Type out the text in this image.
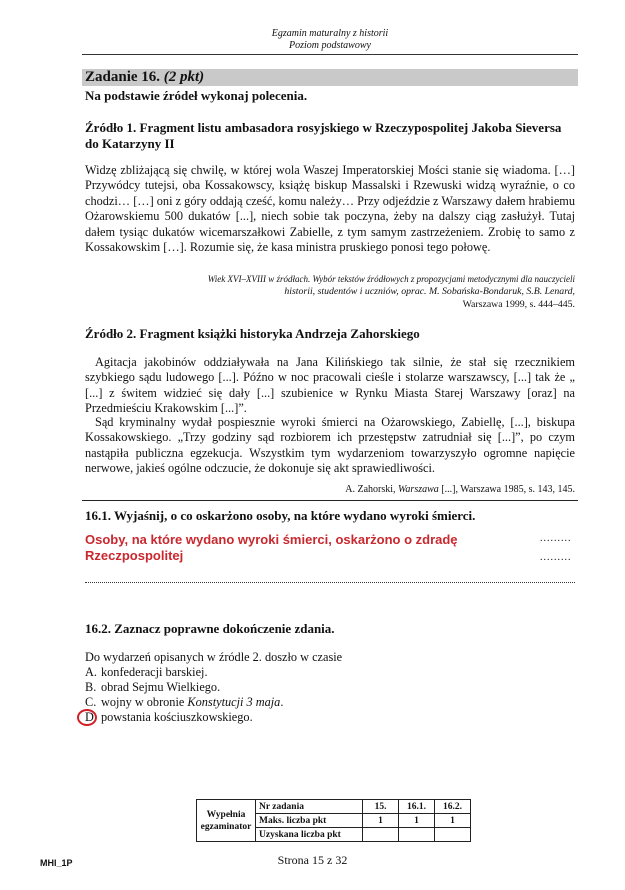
Egzamin maturalny z historii
Poziom podstawowy
Zadanie 16. (2 pkt)
Na podstawie źródeł wykonaj polecenia.
Źródło 1. Fragment listu ambasadora rosyjskiego w Rzeczypospolitej Jakoba Sieversa
do Katarzyny II
Widzę zbliżającą się chwilę, w której wola Waszej Imperatorskiej Mości stanie się wiadoma. […] Przywódcy tutejsi, oba Kossakowscy, książę biskup Massalski i Rzewuski widzą wyraźnie, o co chodzi… […] oni z góry oddają cześć, komu należy… Przy odjeździe z Warszawy dałem hrabiemu Ożarowskiemu 500 dukatów [...], niech sobie tak poczyna, żeby na dalszy ciąg zasłużył. Tutaj dałem tysiąc dukatów wicemarszałkowi Zabielle, z tym samym zastrzeżeniem. Zrobię to samo z Kossakowskim […]. Rozumie się, że kasa ministra pruskiego ponosi tego połowę.
Wiek XVI–XVIII w źródłach. Wybór tekstów źródłowych z propozycjami metodycznymi dla nauczycieli
historii, studentów i uczniów, oprac. M. Sobańska-Bondaruk, S.B. Lenard,
Warszawa 1999, s. 444–445.
Źródło 2. Fragment książki historyka Andrzeja Zahorskiego
Agitacja jakobinów oddziaływała na Jana Kilińskiego tak silnie, że stał się rzecznikiem szybkiego sądu ludowego [...]. Późno w noc pracowali cieśle i stolarze warszawscy, [...] tak że „ [...] z świtem widzieć się dały [...] szubienice w Rynku Miasta Starej Warszawy [oraz] na Przedmieściu Krakowskim [...]”.
Sąd kryminalny wydał pospiesznie wyroki śmierci na Ożarowskiego, Zabiellę, [...], biskupa Kossakowskiego. „Trzy godziny sąd rozbiorem ich przestępstw zatrudniał się [...]”, po czym nastąpiła publiczna egzekucja. Wszystkim tym wydarzeniom towarzyszyło ogromne napięcie nerwowe, jakieś ogólne odczucie, że dokonuje się akt sprawiedliwości.
A. Zahorski, Warszawa [...], Warszawa 1985, s. 143, 145.
16.1. Wyjaśnij, o co oskarżono osoby, na które wydano wyroki śmierci.
Osoby, na które wydano wyroki śmierci, oskarżono o zdradę Rzeczpospolitej
.........
.........
16.2. Zaznacz poprawne dokończenie zdania.
Do wydarzeń opisanych w źródle 2. doszło w czasie
A. konfederacji barskiej.
B. obrad Sejmu Wielkiego.
C. wojny w obronie Konstytucji 3 maja.
D. powstania kościuszkowskiego.
Wypełnia egzaminator	Nr zadania	15.	16.1.	16.2.
	Maks. liczba pkt	1	1	1
	Uzyskana liczba pkt			
Strona 15 z 32
MHI_1P
